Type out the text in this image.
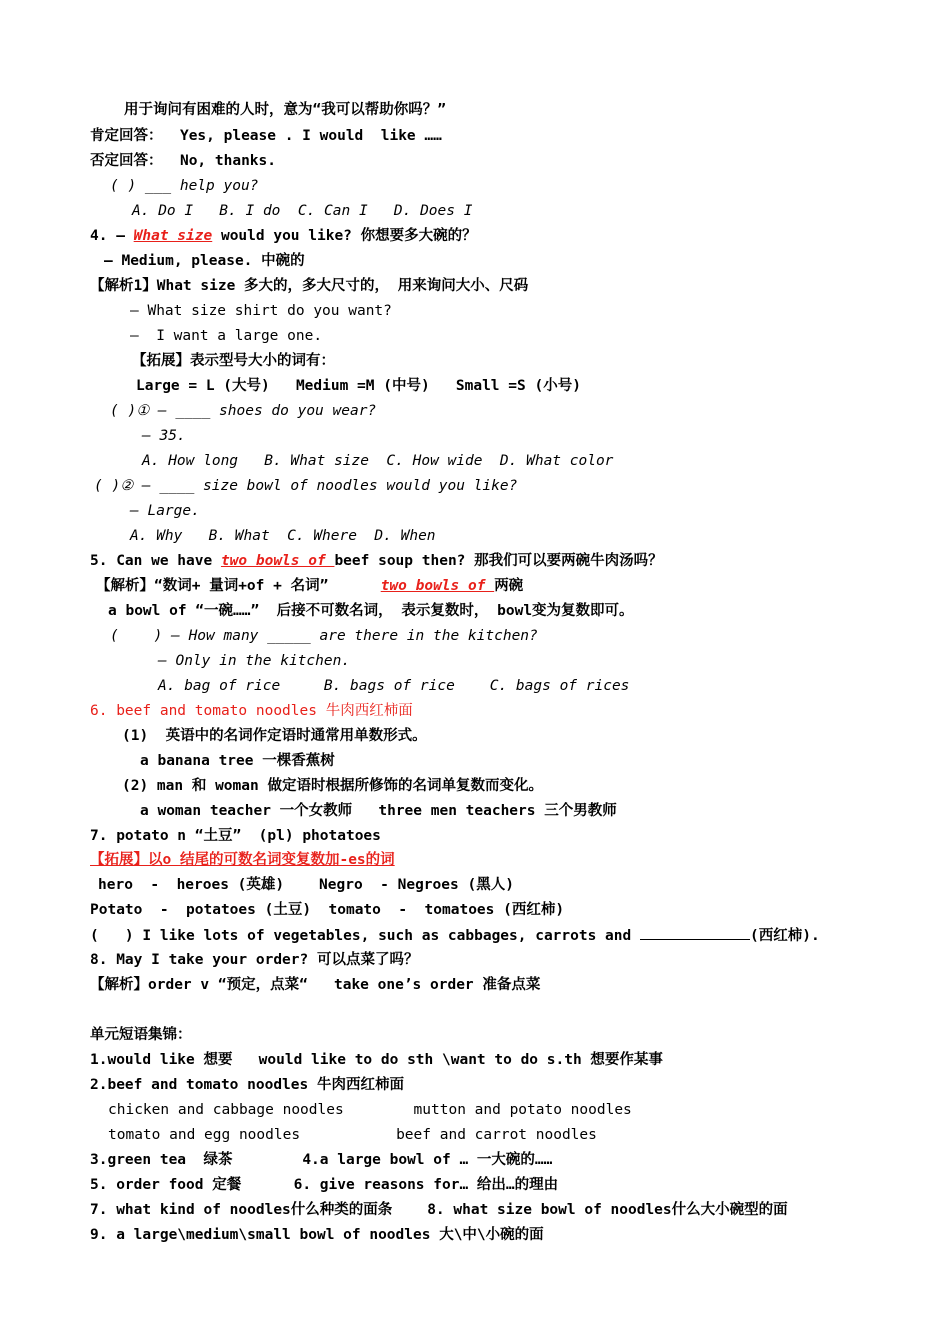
用于询问有困难的人时，意为“我可以帮助你吗？”
肯定回答：  Yes, please . I would  like ……
否定回答：  No, thanks.
( ) ___ help you?
A. Do I   B. I do  C. Can I   D. Does I
4. — What size would you like? 你想要多大碗的？
— Medium, please. 中碗的
【解析1】What size 多大的，多大尺寸的， 用来询问大小、尺码
— What size shirt do you want?
—  I want a large one.
【拓展】表示型号大小的词有：
Large = L (大号)   Medium =M (中号)   Small =S (小号)
( )① — ____ shoes do you wear?
— 35.
A. How long   B. What size  C. How wide  D. What color
( )② — ____ size bowl of noodles would you like?
— Large.
A. Why   B. What  C. Where  D. When
5. Can we have two bowls of beef soup then? 那我们可以要两碗牛肉汤吗？
【解析】“数词+ 量词+of + 名词”      two bowls of 两碗
a bowl of “一碗……”  后接不可数名词， 表示复数时， bowl变为复数即可。
(    ) — How many _____ are there in the kitchen?
— Only in the kitchen.
A. bag of rice     B. bags of rice    C. bags of rices
6. beef and tomato noodles 牛肉西红柿面
(1)  英语中的名词作定语时通常用单数形式。
a banana tree 一棵香蕉树
(2) man 和 woman 做定语时根据所修饰的名词单复数而变化。
a woman teacher 一个女教师   three men teachers 三个男教师
7. potato n “土豆”  (pl) photatoes
【拓展】以o 结尾的可数名词变复数加-es的词
hero  -  heroes (英雄)    Negro  - Negroes (黑人)
Potato  -  potatoes (土豆)  tomato  -  tomatoes (西红柿)
(   ) I like lots of vegetables, such as cabbages, carrots and	(西红柿).
8. May I take your order? 可以点菜了吗？
【解析】order v “预定，点菜“   take one’s order 准备点菜
单元短语集锦：
1.would like 想要   would like to do sth \want to do s.th 想要作某事
2.beef and tomato noodles 牛肉西红柿面
chicken and cabbage noodles        mutton and potato noodles
tomato and egg noodles           beef and carrot noodles
3.green tea  绿茶        4.a large bowl of … 一大碗的……
5. order food 定餐      6. give reasons for… 给出…的理由
7. what kind of noodles什么种类的面条    8. what size bowl of noodles什么大小碗型的面
9. a large\medium\small bowl of noodles 大\中\小碗的面
